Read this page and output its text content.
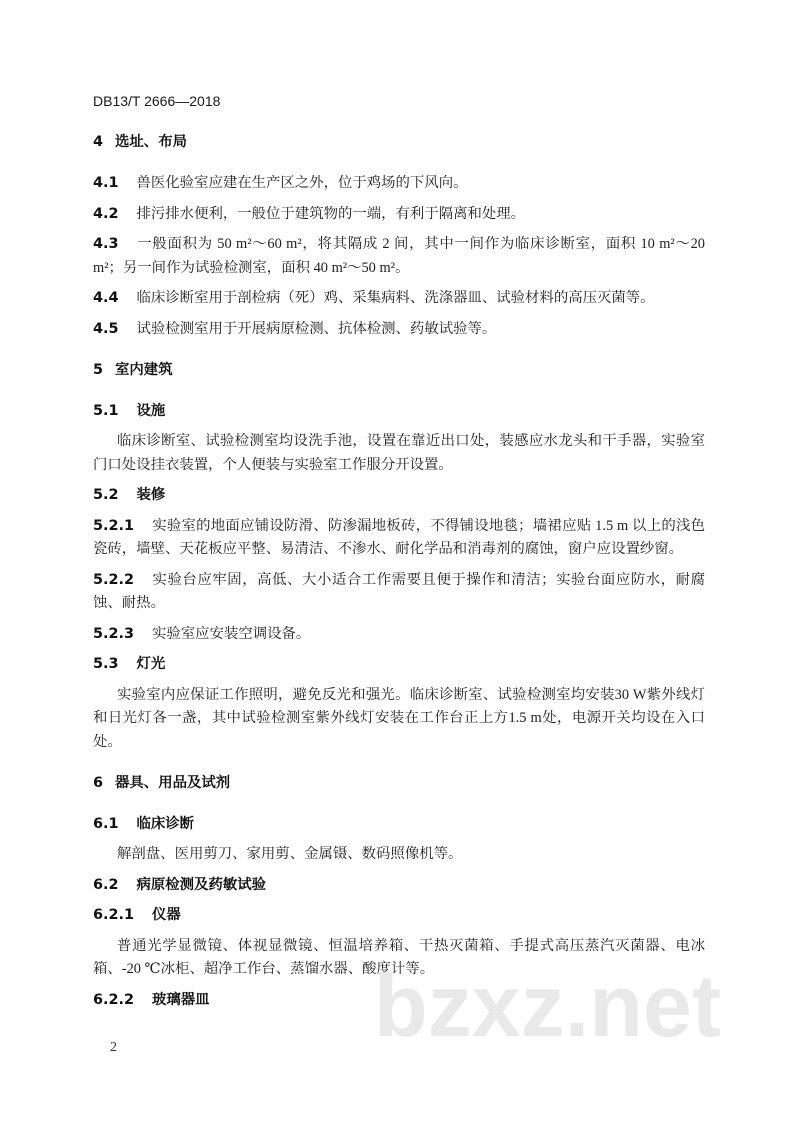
DB13/T 2666—2018
4 选址、布局

4.1 兽医化验室应建在生产区之外，位于鸡场的下风向。

4.2 排污排水便利，一般位于建筑物的一端，有利于隔离和处理。

4.3 一般面积为 50 m²～60 m²，将其隔成 2 间，其中一间作为临床诊断室，面积 10 m²～20 m²；另一间作为试验检测室，面积 40 m²～50 m²。

4.4 临床诊断室用于剖检病（死）鸡、采集病料、洗涤器皿、试验材料的高压灭菌等。

4.5 试验检测室用于开展病原检测、抗体检测、药敏试验等。

5 室内建筑
5.1 设施

临床诊断室、试验检测室均设洗手池，设置在靠近出口处，装感应水龙头和干手器，实验室门口处设挂衣装置，个人便装与实验室工作服分开设置。

5.2 装修

5.2.1 实验室的地面应铺设防滑、防渗漏地板砖，不得铺设地毯；墙裙应贴 1.5 m 以上的浅色瓷砖，墙壁、天花板应平整、易清洁、不渗水、耐化学品和消毒剂的腐蚀，窗户应设置纱窗。

5.2.2 实验台应牢固，高低、大小适合工作需要且便于操作和清洁；实验台面应防水，耐腐蚀、耐热。

5.2.3 实验室应安装空调设备。

5.3 灯光

实验室内应保证工作照明，避免反光和强光。临床诊断室、试验检测室均安装30 W紫外线灯和日光灯各一盏，其中试验检测室紫外线灯安装在工作台正上方1.5 m处，电源开关均设在入口处。

6 器具、用品及试剂
6.1 临床诊断

解剖盘、医用剪刀、家用剪、金属镊、数码照像机等。

6.2 病原检测及药敏试验
6.2.1 仪器

普通光学显微镜、体视显微镜、恒温培养箱、干热灭菌箱、手提式高压蒸汽灭菌器、电冰箱、-20 ℃冰柜、超净工作台、蒸馏水器、酸度计等。

6.2.2 玻璃器皿	bzxz.net
2
